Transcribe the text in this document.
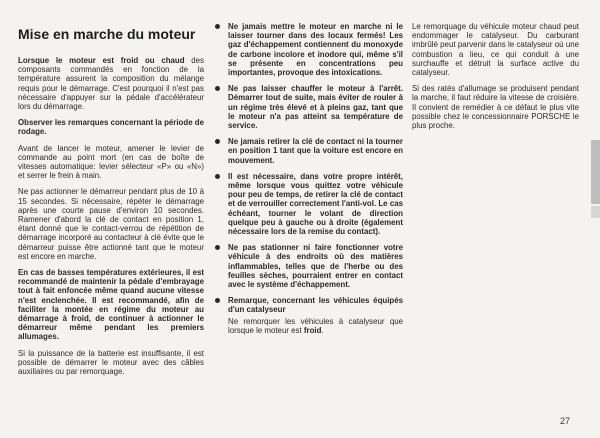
Mise en marche du moteur

Lorsque le moteur est froid ou chaud des composants commandés en fonction de la température assurent la composition du mélange requis pour le démarrage. C'est pourquoi il n'est pas nécessaire d'appuyer sur la pédale d'accélérateur lors du démarrage.

Observer les remarques concernant la période de rodage.

Avant de lancer le moteur, amener le levier de commande au point mort (en cas de boîte de vitesses automatique: levier sélecteur «P» ou «N») et serrer le frein à main.

Ne pas actionner le démarreur pendant plus de 10 à 15 secondes. Si nécessaire, répéter le démarrage après une courte pause d'environ 10 secondes. Ramener d'abord la clé de contact en position 1, étant donné que le contact-verrou de répétition de démarrage incorporé au contacteur à clé évite que le démarreur puisse être actionné tant que le moteur est encore en marche.

En cas de basses températures extérieures, il est recommandé de maintenir la pédale d'embrayage tout à fait enfoncée même quand aucune vitesse n'est enclenchée. Il est recommandé, afin de faciliter la montée en régime du moteur au démarrage à froid, de continuer à actionner le démarreur même pendant les premiers allumages.

Si la puissance de la batterie est insuffisante, il est possible de démarrer le moteur avec des câbles auxiliaires ou par remorquage.

Ne jamais mettre le moteur en marche ni le laisser tourner dans des locaux fermés! Les gaz d'échappement contiennent du monoxyde de carbone incolore et inodore qui, même s'il se présente en concentrations peu importantes, provoque des intoxications.

Ne pas laisser chauffer le moteur à l'arrêt. Démarrer tout de suite, mais éviter de rouler à un régime très élevé et à pleins gaz, tant que le moteur n'a pas atteint sa température de service.

Ne jamais retirer la clé de contact ni la tourner en position 1 tant que la voiture est encore en mouvement.

Il est nécessaire, dans votre propre intérêt, même lorsque vous quittez votre véhicule pour peu de temps, de retirer la clé de contact et de verrouiller correctement l'anti-vol. Le cas échéant, tourner le volant de direction quelque peu à gauche ou à droite (également nécessaire lors de la remise du contact).

Ne pas stationner ni faire fonctionner votre véhicule à des endroits où des matières inflammables, telles que de l'herbe ou des feuilles sèches, pourraient entrer en contact avec le système d'échappement.

Remarque, concernant les véhicules équipés d'un catalyseur

Ne remorquer les véhicules à catalyseur que lorsque le moteur est froid.

Le remorquage du véhicule moteur chaud peut endommager le catalyseur. Du carburant imbrûlé peut parvenir dans le catalyseur où une combustion a lieu, ce qui conduit à une surchauffe et détruit la surface active du catalyseur.

Si des ratés d'allumage se produisent pendant la marche, il faut réduire la vitesse de croisière. Il convient de remédier à ce défaut le plus vite possible chez le concessionnaire PORSCHE le plus proche.

27
